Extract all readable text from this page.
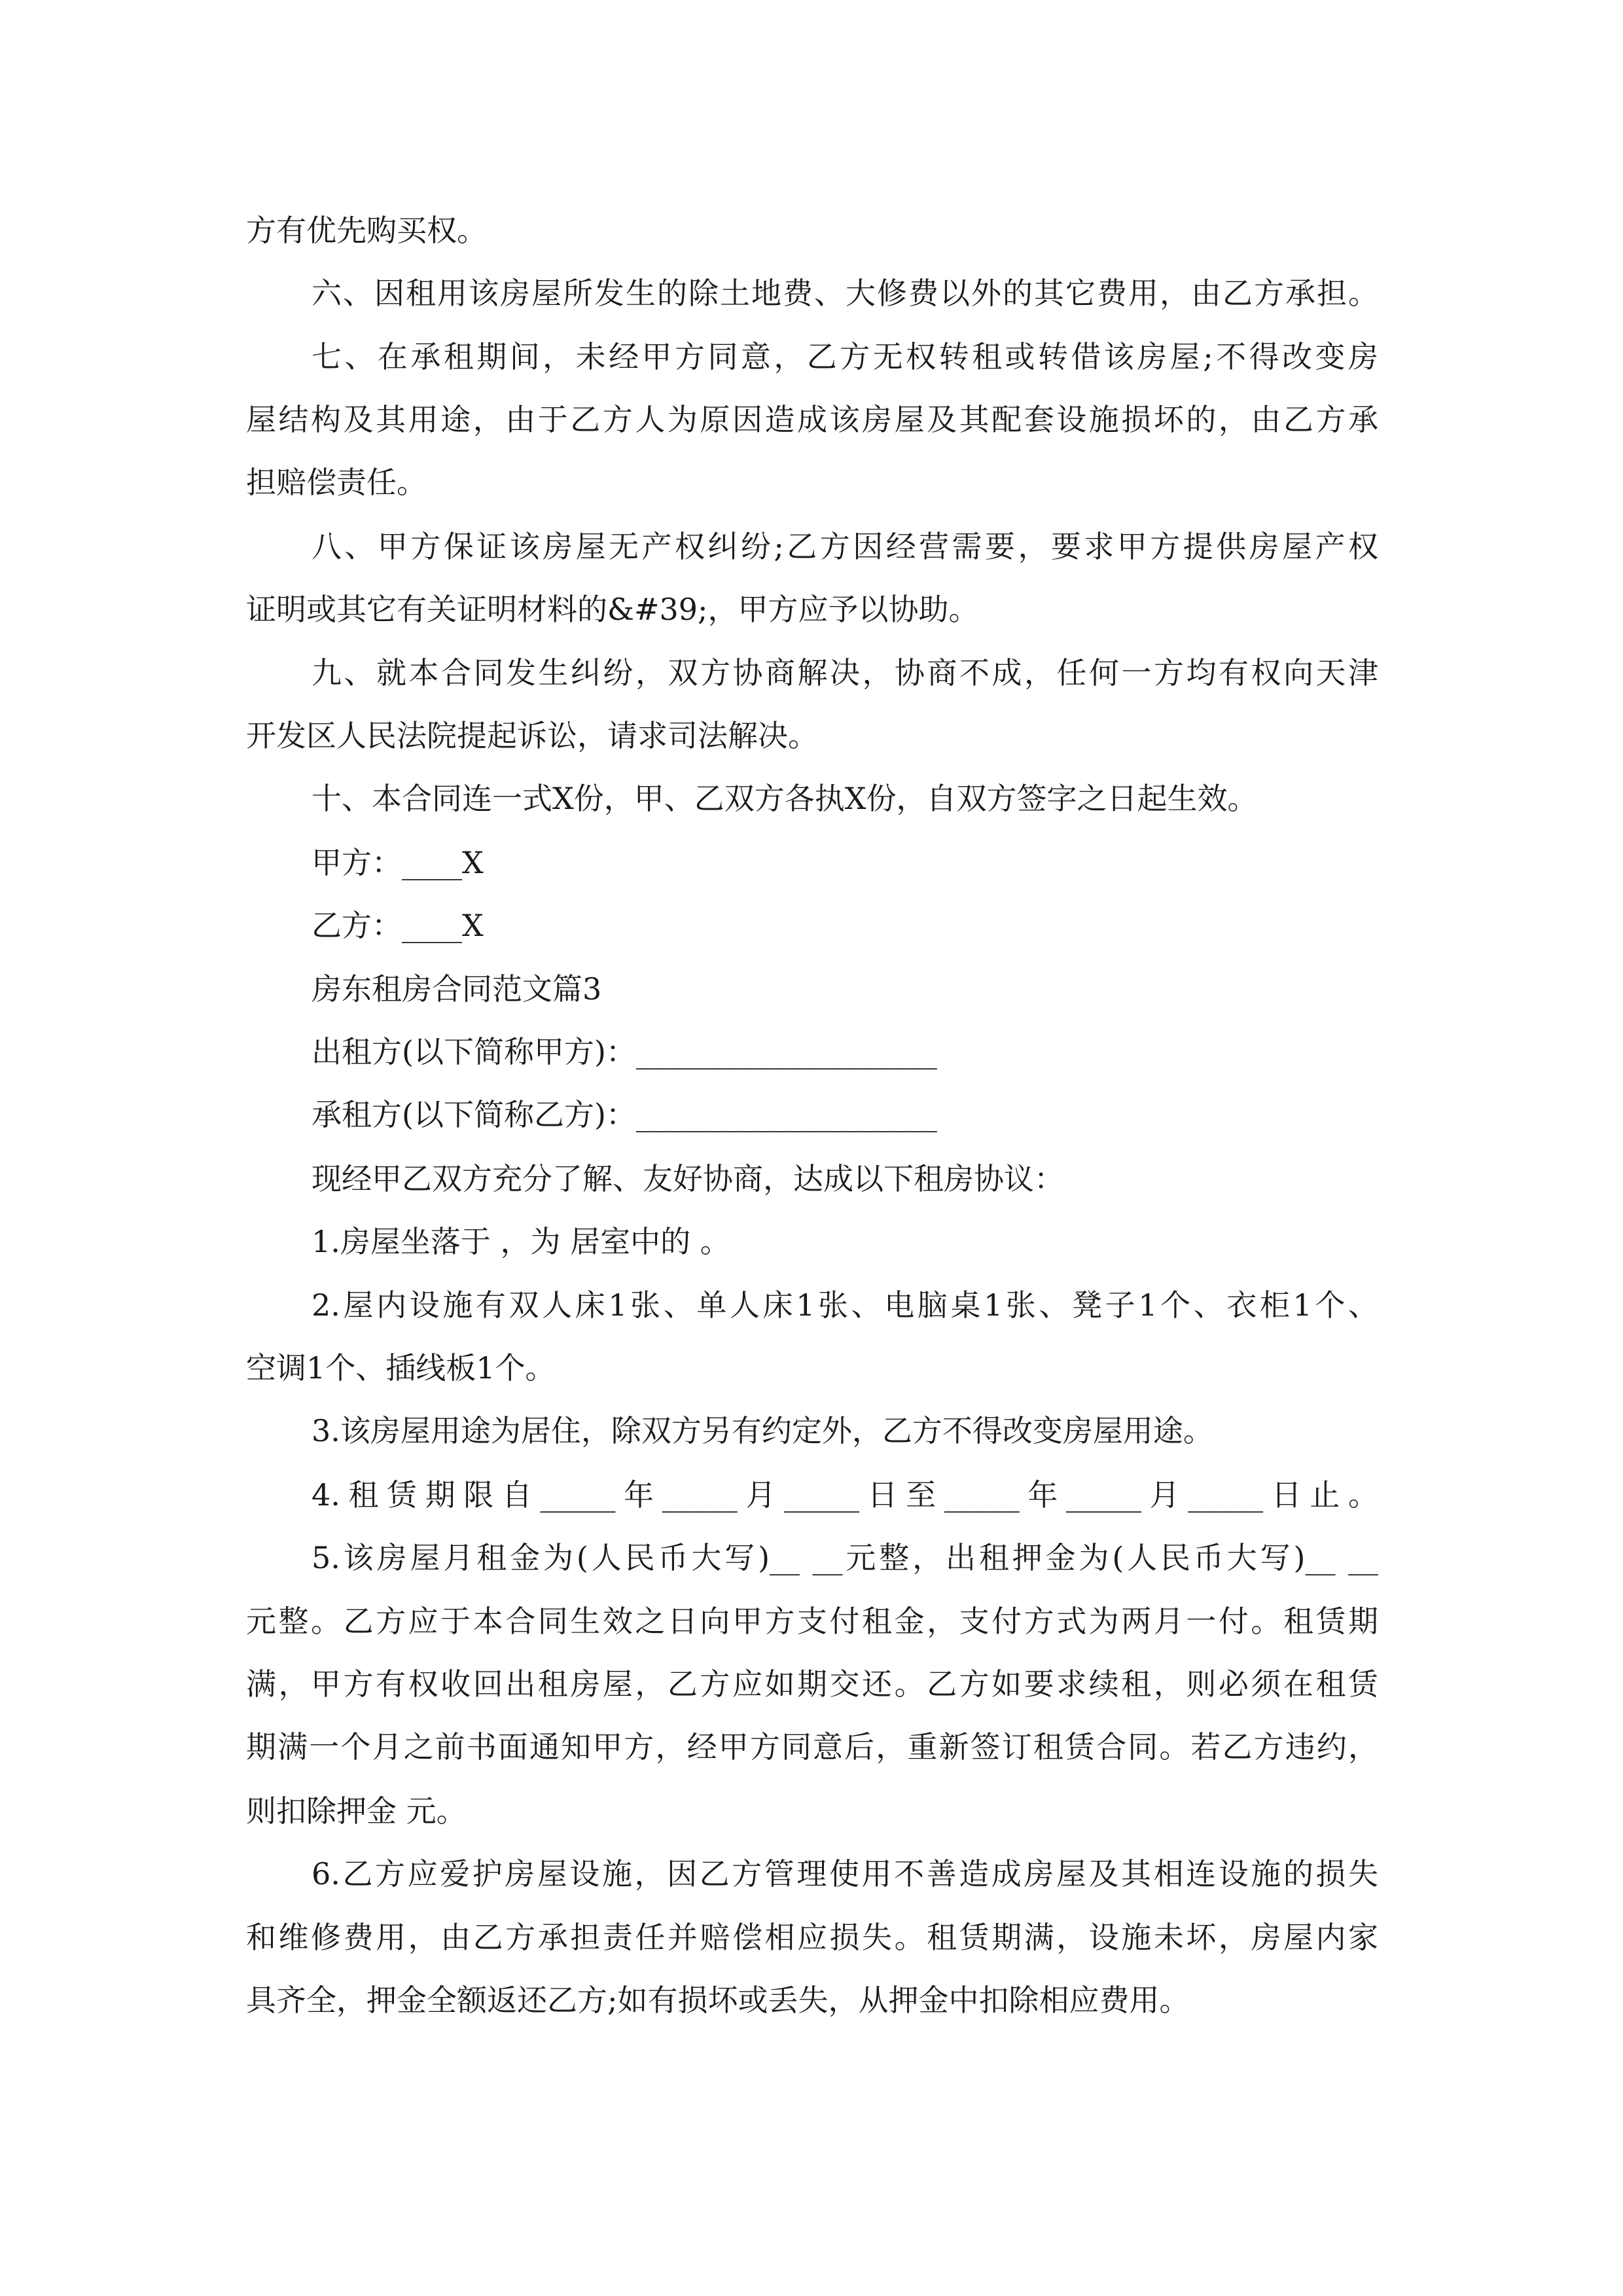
方有优先购买权。
六、因租用该房屋所发生的除土地费、大修费以外的其它费用，由乙方承担。
七、在承租期间，未经甲方同意，乙方无权转租或转借该房屋;不得改变房
屋结构及其用途，由于乙方人为原因造成该房屋及其配套设施损坏的，由乙方承
担赔偿责任。
八、甲方保证该房屋无产权纠纷;乙方因经营需要，要求甲方提供房屋产权
证明或其它有关证明材料的&#39;，甲方应予以协助。
九、就本合同发生纠纷，双方协商解决，协商不成，任何一方均有权向天津
开发区人民法院提起诉讼，请求司法解决。
十、本合同连一式X份，甲、乙双方各执X份，自双方签字之日起生效。
甲方：____X
乙方：____X
房东租房合同范文篇3
出租方(以下简称甲方)：____________________
承租方(以下简称乙方)：____________________
现经甲乙双方充分了解、友好协商，达成以下租房协议：
1.房屋坐落于 ，为 居室中的 。
2.屋内设施有双人床1张、单人床1张、电脑桌1张、凳子1个、衣柜1个、
空调1个、插线板1个。
3.该房屋用途为居住，除双方另有约定外，乙方不得改变房屋用途。
4.租赁期限自_____年_____月_____日至_____年_____月_____日止。
5.该房屋月租金为(人民币大写)__ __元整，出租押金为(人民币大写)__ __
元整。乙方应于本合同生效之日向甲方支付租金，支付方式为两月一付。租赁期
满，甲方有权收回出租房屋，乙方应如期交还。乙方如要求续租，则必须在租赁
期满一个月之前书面通知甲方，经甲方同意后，重新签订租赁合同。若乙方违约，
则扣除押金 元。
6.乙方应爱护房屋设施，因乙方管理使用不善造成房屋及其相连设施的损失
和维修费用，由乙方承担责任并赔偿相应损失。租赁期满，设施未坏，房屋内家
具齐全，押金全额返还乙方;如有损坏或丢失，从押金中扣除相应费用。
